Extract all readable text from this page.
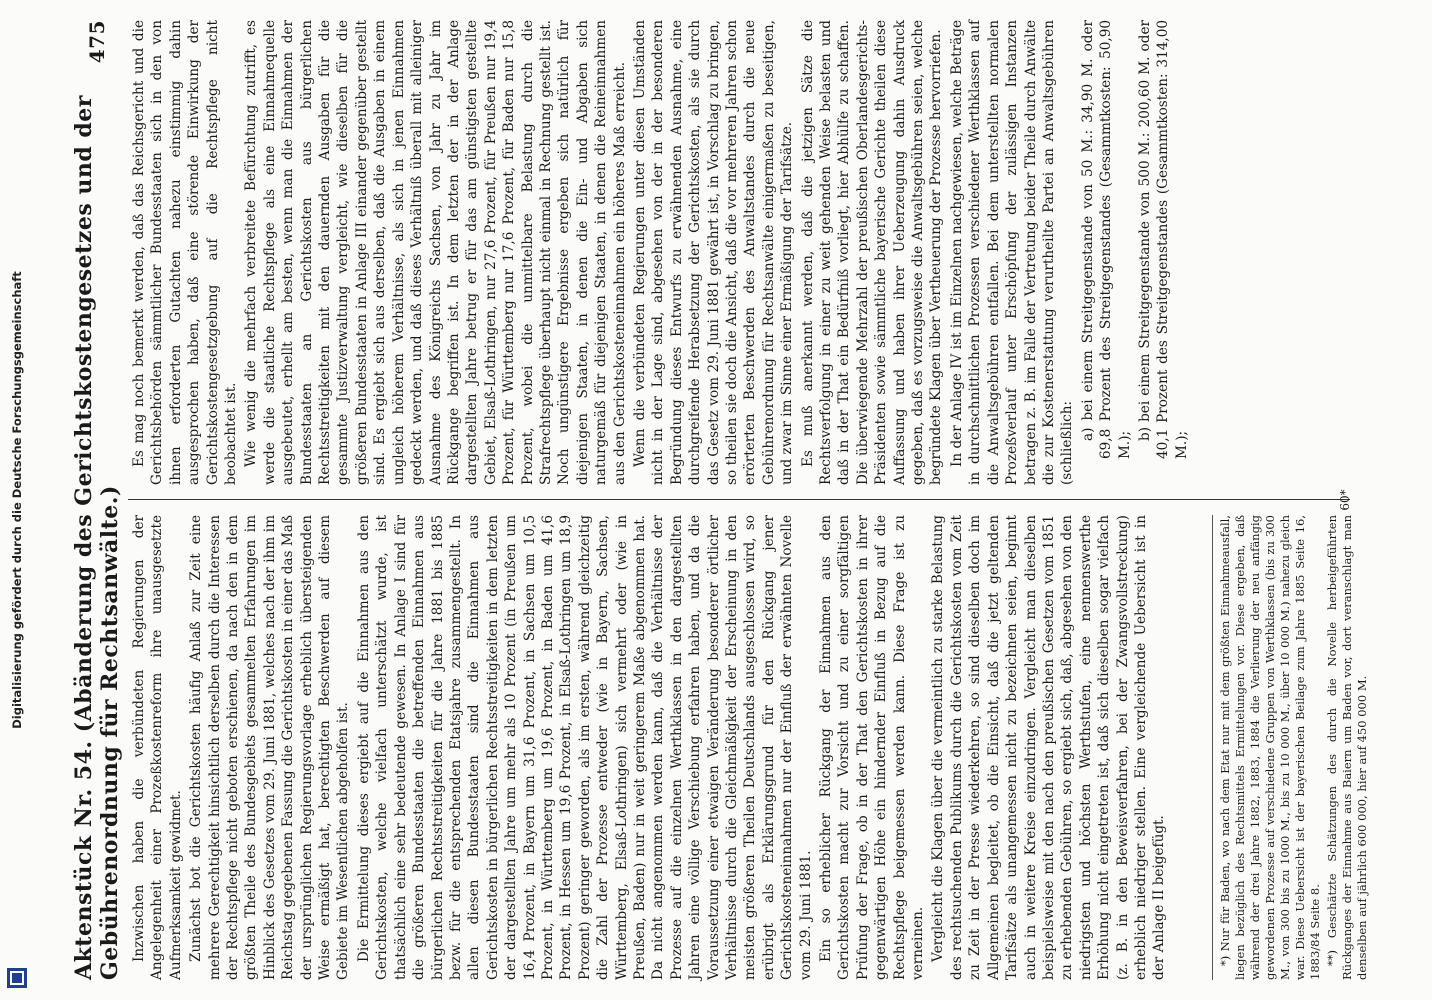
Digitalisierung gefördert durch die Deutsche Forschungsgemeinschaft Aktenstück Nr. 54. (Abänderung des Gerichtskostengesetzes und der Gebührenordnung für Rechtsanwälte.)
475

Inzwischen haben die verbündeten Regierungen der Angelegenheit einer Prozeßkostenreform ihre unausgesetzte Aufmerksamkeit gewidmet. Zunächst bot die Gerichtskosten häufig Anlaß zur Zeit eine mehrere Gerechtigkeit hinsichtlich derselben durch die Interessen der Rechtspflege nicht geboten erschienen, da nach den in dem größten Theile des Bundesgebiets gesammelten Erfahrungen im Hinblick des Gesetzes vom 29. Juni 1881, welches nach der ihm im Reichstag gegebenen Fassung die Gerichtskosten in einer das Maß der ursprünglichen Regierungsvorlage erheblich übersteigenden Weise ermäßigt hat, berechtigten Beschwerden auf diesem Gebiete im Wesentlichen abgeholfen ist. Die Ermittelung dieses ergiebt auf die Einnahmen aus den Gerichtskosten, welche vielfach unterschätzt wurde, ist thatsächlich eine sehr bedeutende gewesen. In Anlage I sind für die größeren Bundesstaaten die betreffenden Einnahmen aus bürgerlichen Rechtsstreitigkeiten für die Jahre 1881 bis 1885 bezw. für die entsprechenden Etatsjahre zusammengestellt. In allen diesen Bundesstaaten sind die Einnahmen aus Gerichtskosten in bürgerlichen Rechtsstreitigkeiten in dem letzten der dargestellten Jahre um mehr als 10 Prozent (in Preußen um 16,4 Prozent, in Bayern um 31,6 Prozent, in Sachsen um 10,5 Prozent, in Württemberg um 19,6 Prozent, in Baden um 41,6 Prozent, in Hessen um 19,6 Prozent, in Elsaß-Lothringen um 18,9 Prozent) geringer geworden, als im ersten, während gleichzeitig die Zahl der Prozesse entweder (wie in Bayern, Sachsen, Württemberg, Elsaß-Lothringen) sich vermehrt oder (wie in Preußen, Baden) nur in weit geringerem Maße abgenommen hat. Da nicht angenommen werden kann, daß die Verhältnisse der Prozesse auf die einzelnen Werthklassen in den dargestellten Jahren eine völlige Verschiebung erfahren haben, und da die Voraussetzung einer etwaigen Veränderung besonderer örtlicher Verhältnisse durch die Gleichmäßigkeit der Erscheinung in den meisten größeren Theilen Deutschlands ausgeschlossen wird, so erübrigt als Erklärungsgrund für den Rückgang jener Gerichtskosteneinnahmen nur der Einfluß der erwähnten Novelle vom 29. Juni 1881. Ein so erheblicher Rückgang der Einnahmen aus den Gerichtskosten macht zur Vorsicht und zu einer sorgfältigen Prüfung der Frage, ob in der That den Gerichtskosten in ihrer gegenwärtigen Höhe ein hindernder Einfluß in Bezug auf die Rechtspflege beigemessen werden kann. Diese Frage ist zu verneinen. Vergleicht die Klagen über die vermeintlich zu starke Belastung des rechtsuchenden Publikums durch die Gerichtskosten vom Zeit zu Zeit in der Presse wiederkehren, so sind dieselben doch im Allgemeinen begleitet, ob die Einsicht, daß die jetzt geltenden Tarifsätze als unangemessen nicht zu bezeichnen seien, beginnt auch in weitere Kreise einzudringen. Vergleicht man dieselben beispielsweise mit den nach den preußischen Gesetzen vom 1851 zu erhebenden Gebühren, so ergiebt sich, daß, abgesehen von den niedrigsten und höchsten Werthstufen, eine nennenswerthe Erhöhung nicht eingetreten ist, daß sich dieselben sogar vielfach (z. B. in den Beweisverfahren, bei der Zwangsvollstreckung) erheblich niedriger stellen. Eine vergleichende Uebersicht ist in der Anlage II beigefügt.	*) Nur für Baden, wo nach dem Etat nur mit dem größten Einnahmeausfall, liegen bezüglich des Rechtsmittels Ermittelungen vor. Diese ergeben, daß während der drei Jahre 1882, 1883, 1884 die Verlierung der neu anfängig gewordenen Prozesse auf verschiedene Gruppen von Werthklassen (bis zu 300 M., von 300 bis zu 1000 M., bis zu 10 000 M., über 10 000 M.) nahezu gleich war. Diese Uebersicht ist der bayerischen Beilage zum Jahre 1885 Seite 16, 1883/84 Seite 8. **) Geschätzte Schätzungen des durch die Novelle herbeigeführten Rückganges der Einnahme aus Baiern um Baden vor, dort veranschlagt man denselben auf jährlich 600 000, hier auf 450 000 M.

Es mag noch bemerkt werden, daß das Reichsgericht und die Gerichtsbehörden sämmtlicher Bundesstaaten sich in den von ihnen erforderten Gutachten nahezu einstimmig dahin ausgesprochen haben, daß eine störende Einwirkung der Gerichtskostengesetzgebung auf die Rechtspflege nicht beobachtet ist. Wie wenig die mehrfach verbreitete Befürchtung zutrifft, es werde die staatliche Rechtspflege als eine Einnahmequelle ausgebeutet, erhellt am besten, wenn man die Einnahmen der Bundesstaaten an Gerichtskosten aus bürgerlichen Rechtsstreitigkeiten mit den dauernden Ausgaben für die gesammte Justizverwaltung vergleicht, wie dieselben für die größeren Bundesstaaten in Anlage III einander gegenüber gestellt sind. Es ergiebt sich aus derselben, daß die Ausgaben in einem ungleich höherem Verhältnisse, als sich in jenen Einnahmen gedeckt werden, und daß dieses Verhältniß überall mit alleiniger Ausnahme des Königreichs Sachsen, von Jahr zu Jahr im Rückgange begriffen ist. In dem letzten der in der Anlage dargestellten Jahre betrug er für das am günstigsten gestellte Gebiet, Elsaß-Lothringen, nur 27,6 Prozent, für Preußen nur 19,4 Prozent, für Württemberg nur 17,6 Prozent, für Baden nur 15,8 Prozent, wobei die unmittelbare Belastung durch die Strafrechtspflege überhaupt nicht einmal in Rechnung gestellt ist. Noch ungünstigere Ergebnisse ergeben sich natürlich für diejenigen Staaten, in denen die Ein- und Abgaben sich naturgemäß für diejenigen Staaten, in denen die Reineinnahmen aus den Gerichtskosteneinnahmen ein höheres Maß erreicht. Wenn die verbündeten Regierungen unter diesen Umständen nicht in der Lage sind, abgesehen von der in der besonderen Begründung dieses Entwurfs zu erwähnenden Ausnahme, eine durchgreifende Herabsetzung der Gerichtskosten, als sie durch das Gesetz vom 29. Juni 1881 gewährt ist, in Vorschlag zu bringen, so theilen sie doch die Ansicht, daß die vor mehreren Jahren schon erörterten Beschwerden des Anwaltstandes durch die neue Gebührenordnung für Rechtsanwälte einigermaßen zu beseitigen, und zwar im Sinne einer Ermäßigung der Tarifsätze. Es muß anerkannt werden, daß die jetzigen Sätze die Rechtsverfolgung in einer zu weit gehenden Weise belasten und daß in der That ein Bedürfniß vorliegt, hier Abhülfe zu schaffen. Die überwiegende Mehrzahl der preußischen Oberlandesgerichts-Präsidenten sowie sämmtliche bayerische Gerichte theilen diese Auffassung und haben ihrer Ueberzeugung dahin Ausdruck gegeben, daß es vorzugsweise die Anwaltsgebühren seien, welche begründete Klagen über Vertheuerung der Prozesse hervorriefen. In der Anlage IV ist im Einzelnen nachgewiesen, welche Beträge in durchschnittlichen Prozessen verschiedener Werthklassen auf die Anwaltsgebühren entfallen. Bei dem unterstellten normalen Prozeßverlauf unter Erschöpfung der zulässigen Instanzen betragen z. B. im Falle der Vertretung beider Theile durch Anwälte die zur Kostenerstattung verurtheilte Partei an Anwaltsgebühren (schließlich:

a) bei einem Streitgegenstande von 50 M.: 34,90 M. oder 69,8 Prozent des Streitgegenstandes (Gesammtkosten: 50,90 M.);

b) bei einem Streitgegenstande von 500 M.: 200,60 M. oder 40,1 Prozent des Streitgegenstandes (Gesammtkosten: 314,00 M.);

60*
